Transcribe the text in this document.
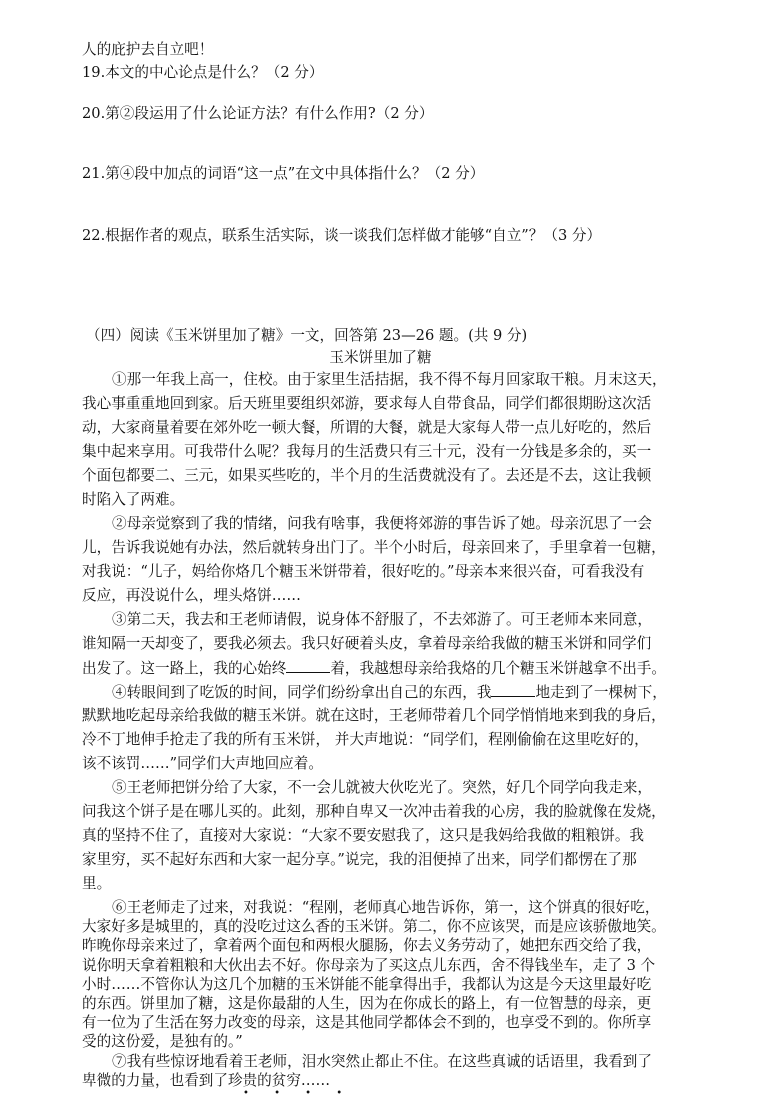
人的庇护去自立吧！
19.本文的中心论点是什么？（2 分）
20.第②段运用了什么论证方法？有什么作用?（2 分）
21.第④段中加点的词语“这一点”在文中具体指什么？（2 分）
22.根据作者的观点，联系生活实际，谈一谈我们怎样做才能够“自立”？（3 分）
（四）阅读《玉米饼里加了糖》一文，回答第 23—26 题。(共 9 分)
玉米饼里加了糖
①那一年我上高一，住校。由于家里生活拮据，我不得不每月回家取干粮。月末这天，
我心事重重地回到家。后天班里要组织郊游，要求每人自带食品，同学们都很期盼这次活
动，大家商量着要在郊外吃一顿大餐，所谓的大餐，就是大家每人带一点儿好吃的，然后
集中起来享用。可我带什么呢？我每月的生活费只有三十元，没有一分钱是多余的，买一
个面包都要二、三元，如果买些吃的，半个月的生活费就没有了。去还是不去，这让我顿
时陷入了两难。
②母亲觉察到了我的情绪，问我有啥事，我便将郊游的事告诉了她。母亲沉思了一会
儿，告诉我说她有办法，然后就转身出门了。半个小时后，母亲回来了，手里拿着一包糖，
对我说：“儿子，妈给你烙几个糖玉米饼带着，很好吃的。”母亲本来很兴奋，可看我没有
反应，再没说什么，埋头烙饼……
③第二天，我去和王老师请假，说身体不舒服了，不去郊游了。可王老师本来同意，
谁知隔一天却变了，要我必须去。我只好硬着头皮，拿着母亲给我做的糖玉米饼和同学们
出发了。这一路上，我的心始终	着，我越想母亲给我烙的几个糖玉米饼越拿不出手。
④转眼间到了吃饭的时间，同学们纷纷拿出自己的东西，我	地走到了一棵树下，
默默地吃起母亲给我做的糖玉米饼。就在这时，王老师带着几个同学悄悄地来到我的身后，
冷不丁地伸手抢走了我的所有玉米饼， 并大声地说：“同学们，程刚偷偷在这里吃好的，
该不该罚……”同学们大声地回应着。
⑤王老师把饼分给了大家，不一会儿就被大伙吃光了。突然，好几个同学向我走来，
问我这个饼子是在哪儿买的。此刻，那种自卑又一次冲击着我的心房，我的脸就像在发烧，
真的坚持不住了，直接对大家说：“大家不要安慰我了，这只是我妈给我做的粗粮饼。我
家里穷，买不起好东西和大家一起分享。”说完，我的泪便掉了出来，同学们都愣在了那
里。
⑥王老师走了过来，对我说：“程刚，老师真心地告诉你，第一，这个饼真的很好吃，
大家好多是城里的，真的没吃过这么香的玉米饼。第二，你不应该哭，而是应该骄傲地笑。
昨晚你母亲来过了，拿着两个面包和两根火腿肠，你去义务劳动了，她把东西交给了我，
说你明天拿着粗粮和大伙出去不好。你母亲为了买这点儿东西，舍不得钱坐车，走了 3 个
小时……不管你认为这几个加糖的玉米饼能不能拿得出手，我都认为这是今天这里最好吃
的东西。饼里加了糖，这是你最甜的人生，因为在你成长的路上，有一位智慧的母亲，更
有一位为了生活在努力改变的母亲，这是其他同学都体会不到的，也享受不到的。你所享
受的这份爱，是独有的。”
⑦我有些惊讶地看着王老师，泪水突然止都止不住。在这些真诚的话语里，我看到了
卑微的力量，也看到了珍贵的贫穷……
• • • •
